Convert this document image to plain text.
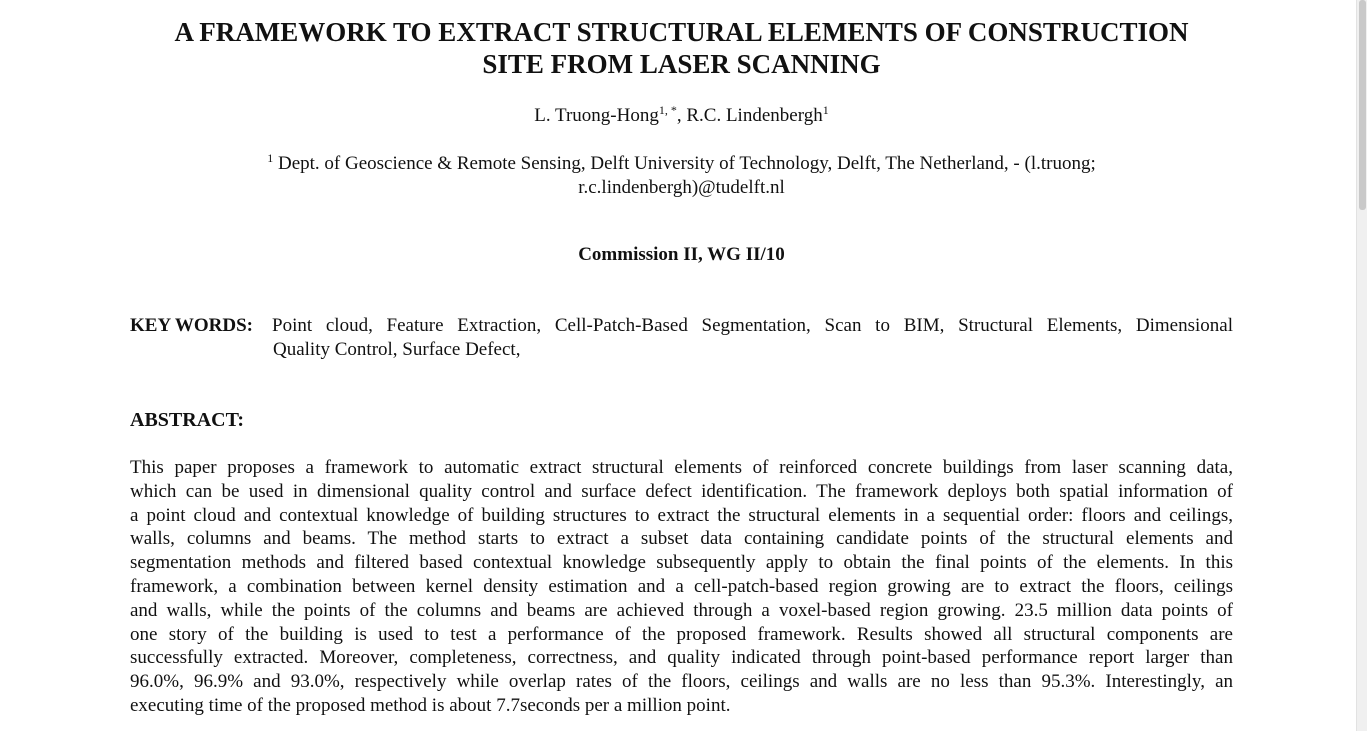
A FRAMEWORK TO EXTRACT STRUCTURAL ELEMENTS OF CONSTRUCTION
SITE FROM LASER SCANNING
L. Truong-Hong$^{1, *}$, R.C. Lindenbergh$^1$
$^1$ Dept. of Geoscience & Remote Sensing, Delft University of Technology, Delft, The Netherland, - (l.truong;
r.c.lindenbergh)@tudelft.nl
Commission II, WG II/10
KEY WORDS: Point cloud, Feature Extraction, Cell-Patch-Based Segmentation, Scan to BIM, Structural Elements, Dimensional
Quality Control, Surface Defect,
ABSTRACT:
This paper proposes a framework to automatic extract structural elements of reinforced concrete buildings from laser scanning data,
which can be used in dimensional quality control and surface defect identification. The framework deploys both spatial information of
a point cloud and contextual knowledge of building structures to extract the structural elements in a sequential order: floors and ceilings,
walls, columns and beams. The method starts to extract a subset data containing candidate points of the structural elements and
segmentation methods and filtered based contextual knowledge subsequently apply to obtain the final points of the elements. In this
framework, a combination between kernel density estimation and a cell-patch-based region growing are to extract the floors, ceilings
and walls, while the points of the columns and beams are achieved through a voxel-based region growing. 23.5 million data points of
one story of the building is used to test a performance of the proposed framework. Results showed all structural components are
successfully extracted. Moreover, completeness, correctness, and quality indicated through point-based performance report larger than
96.0%, 96.9% and 93.0%, respectively while overlap rates of the floors, ceilings and walls are no less than 95.3%. Interestingly, an
executing time of the proposed method is about 7.7seconds per a million point.
